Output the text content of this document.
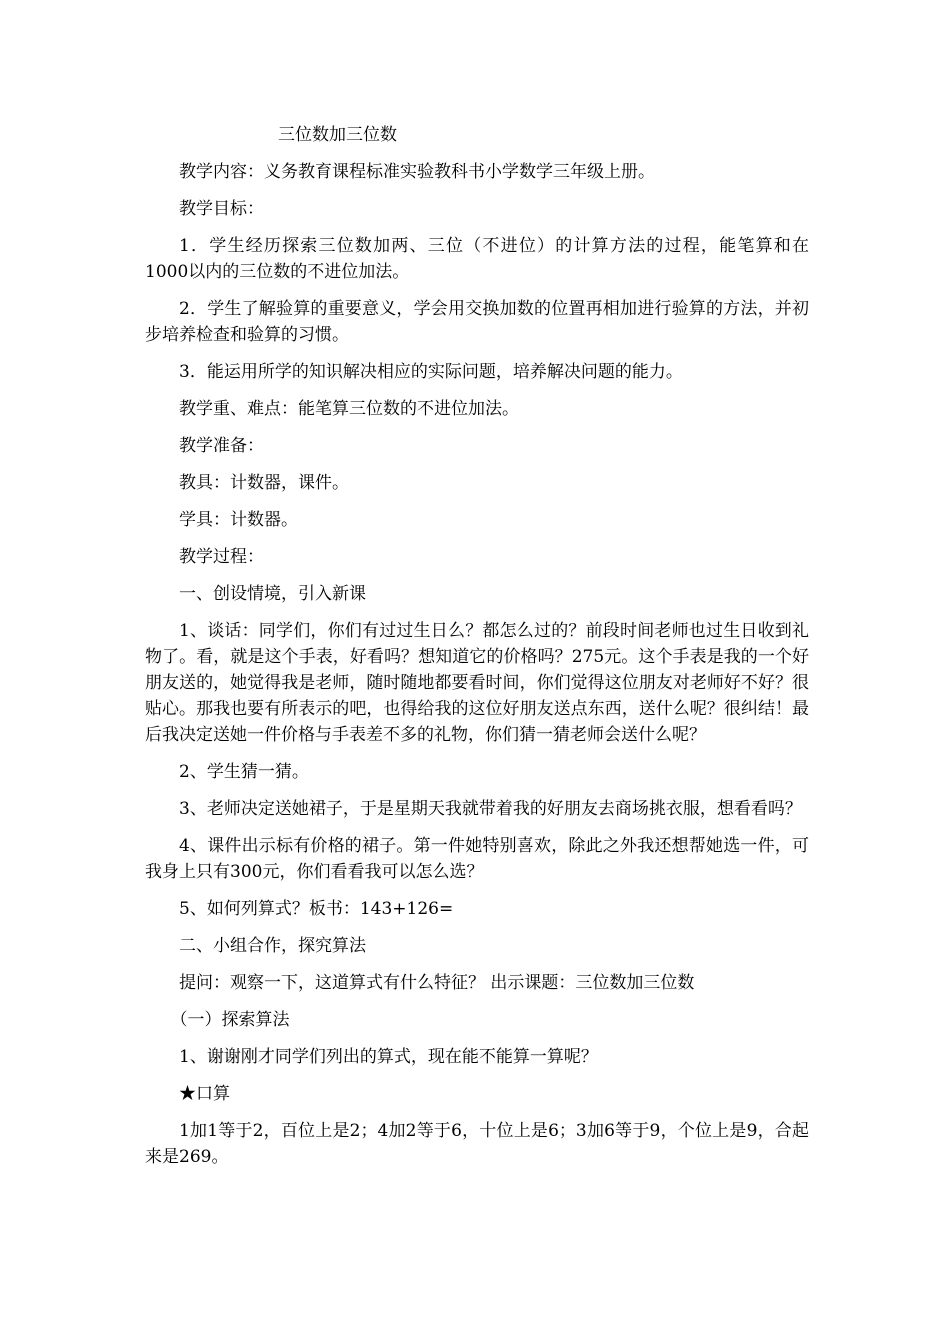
三位数加三位数

教学内容：义务教育课程标准实验教科书小学数学三年级上册。

教学目标：

1．学生经历探索三位数加两、三位（不进位）的计算方法的过程，能笔算和在1000以内的三位数的不进位加法。

2．学生了解验算的重要意义，学会用交换加数的位置再相加进行验算的方法，并初步培养检查和验算的习惯。

3．能运用所学的知识解决相应的实际问题，培养解决问题的能力。

教学重、难点：能笔算三位数的不进位加法。

教学准备：

教具：计数器，课件。

学具：计数器。

教学过程：

一、创设情境，引入新课

1、谈话：同学们，你们有过过生日么？都怎么过的？前段时间老师也过生日收到礼物了。看，就是这个手表，好看吗？想知道它的价格吗？275元。这个手表是我的一个好朋友送的，她觉得我是老师，随时随地都要看时间，你们觉得这位朋友对老师好不好？很贴心。那我也要有所表示的吧，也得给我的这位好朋友送点东西，送什么呢？很纠结！最后我决定送她一件价格与手表差不多的礼物，你们猜一猜老师会送什么呢？

2、学生猜一猜。

3、老师决定送她裙子，于是星期天我就带着我的好朋友去商场挑衣服，想看看吗？

4、课件出示标有价格的裙子。第一件她特别喜欢，除此之外我还想帮她选一件，可我身上只有300元，你们看看我可以怎么选？

5、如何列算式？板书：143+126=

二、小组合作，探究算法

提问：观察一下，这道算式有什么特征？ 出示课题：三位数加三位数

（一）探索算法

1、谢谢刚才同学们列出的算式，现在能不能算一算呢？

★口算

1加1等于2，百位上是2；4加2等于6，十位上是6；3加6等于9，个位上是9，合起来是269。
